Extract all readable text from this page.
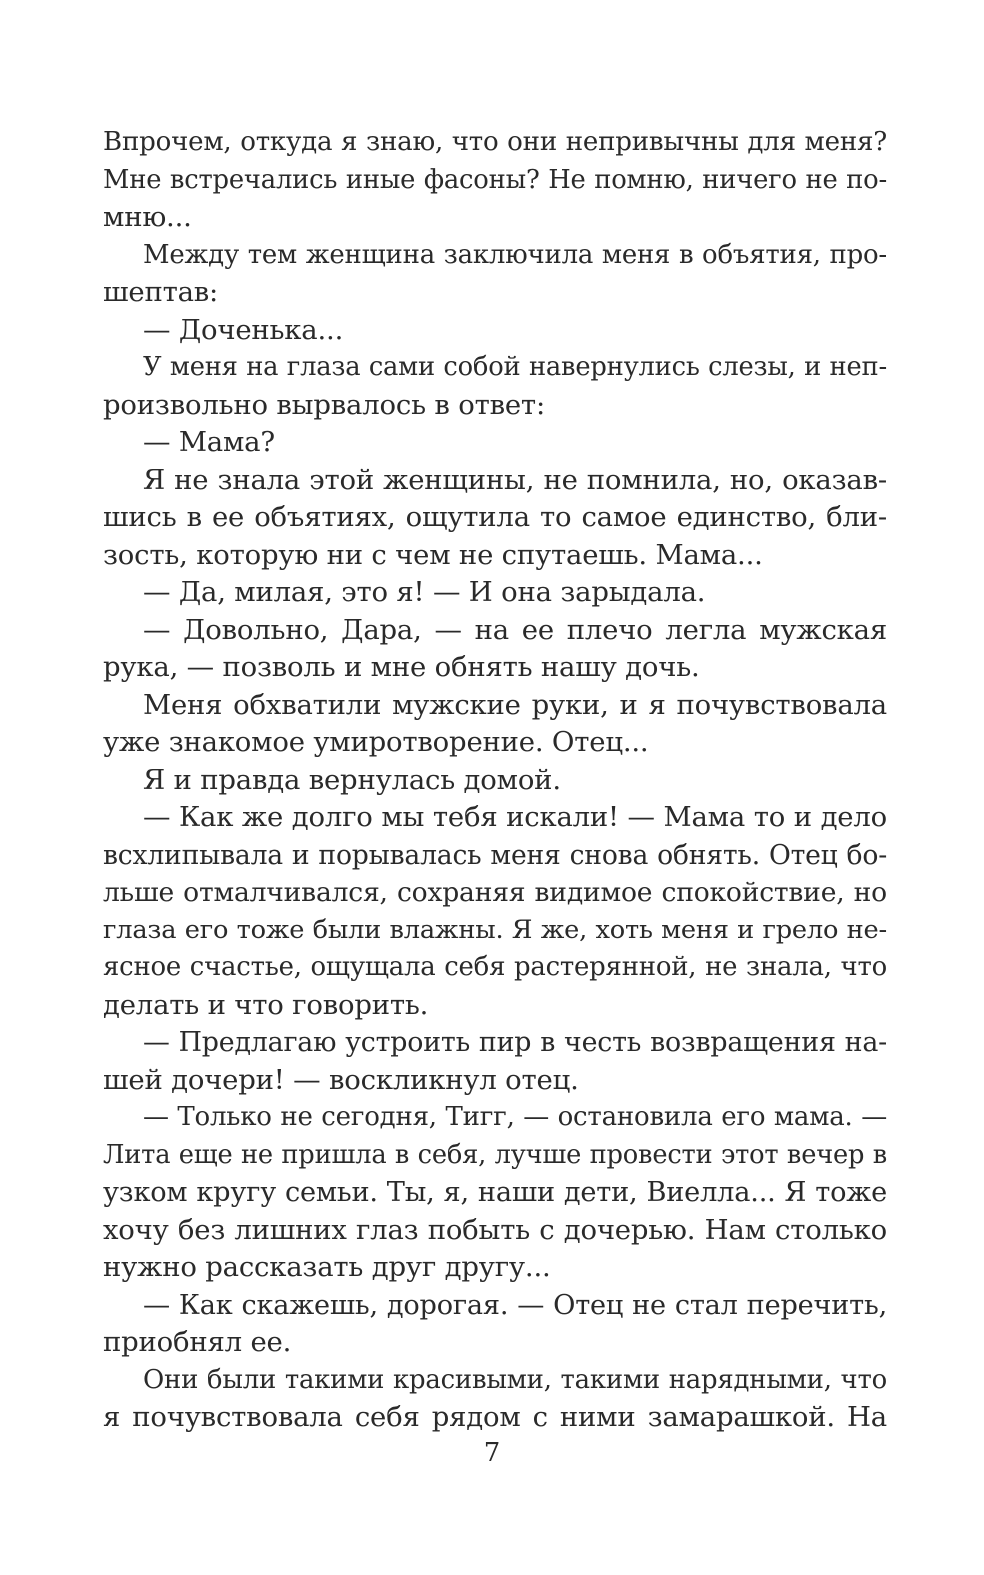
Впрочем, откуда я знаю, что они непривычны для меня?
Мне встречались иные фасоны? Не помню, ничего не по-
мню...
Между тем женщина заключила меня в объятия, про-
шептав:
— Доченька...
У меня на глаза сами собой навернулись слезы, и неп-
роизвольно вырвалось в ответ:
— Мама?
Я не знала этой женщины, не помнила, но, оказав-
шись в ее объятиях, ощутила то самое единство, бли-
зость, которую ни с чем не спутаешь. Мама...
— Да, милая, это я! — И она зарыдала.
— Довольно, Дара, — на ее плечо легла мужская
рука, — позволь и мне обнять нашу дочь.
Меня обхватили мужские руки, и я почувствовала
уже знакомое умиротворение. Отец...
Я и правда вернулась домой.
— Как же долго мы тебя искали! — Мама то и дело
всхлипывала и порывалась меня снова обнять. Отец бо-
льше отмалчивался, сохраняя видимое спокойствие, но
глаза его тоже были влажны. Я же, хоть меня и грело не-
ясное счастье, ощущала себя растерянной, не знала, что
делать и что говорить.
— Предлагаю устроить пир в честь возвращения на-
шей дочери! — воскликнул отец.
— Только не сегодня, Тигг, — остановила его мама. —
Лита еще не пришла в себя, лучше провести этот вечер в
узком кругу семьи. Ты, я, наши дети, Виелла... Я тоже
хочу без лишних глаз побыть с дочерью. Нам столько
нужно рассказать друг другу...
— Как скажешь, дорогая. — Отец не стал перечить,
приобнял ее.
Они были такими красивыми, такими нарядными, что
я почувствовала себя рядом с ними замарашкой. На
7
